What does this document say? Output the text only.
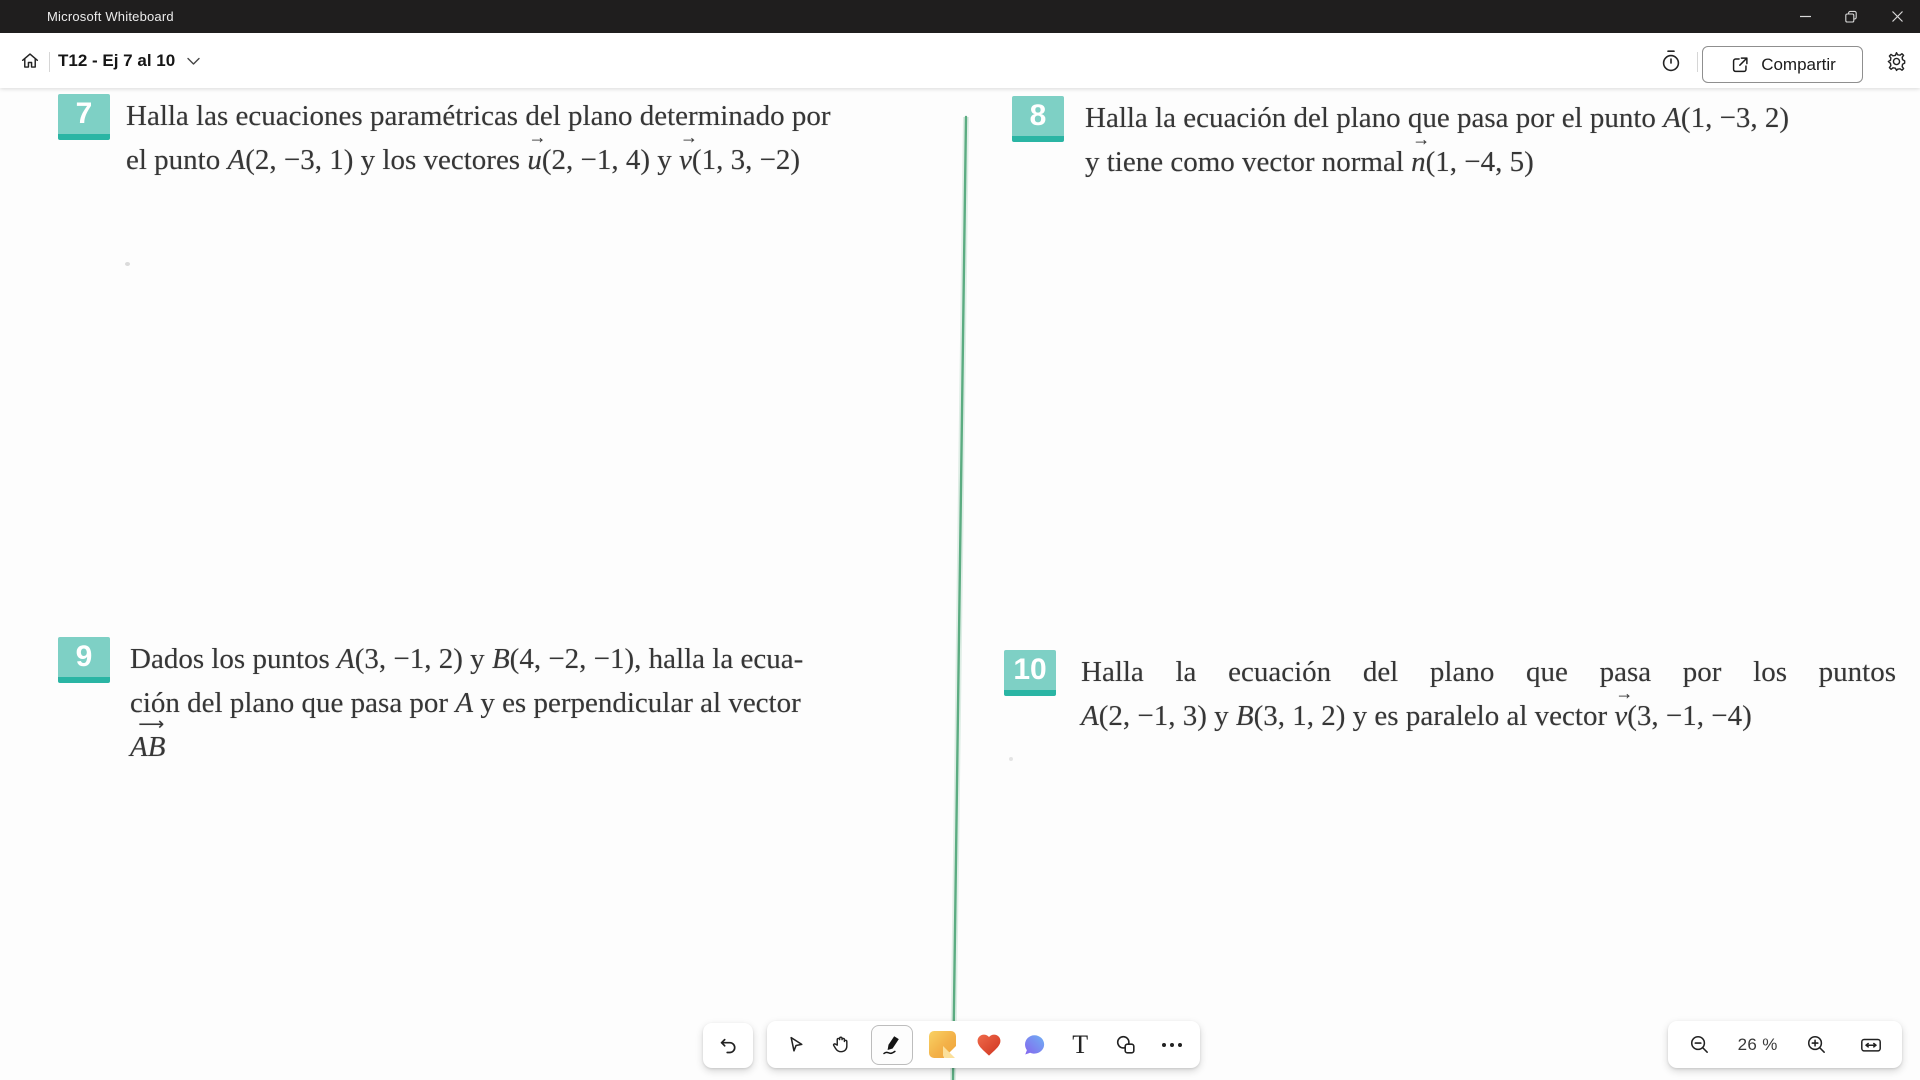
Microsoft Whiteboard
T12 - Ej 7 al 10	Compartir
7	Halla las ecuaciones paramétricas del plano determinado por
el punto A(2, −3, 1) y los vectores
→
u(2, −1, 4) y
→
v(1, 3, −2)
8	Halla la ecuación del plano que pasa por el punto A(1, −3, 2)
y tiene como vector normal
→
n(1, −4, 5)
9	Dados los puntos A(3, −1, 2) y B(4, −2, −1), halla la ecua-
ción del plano que pasa por A y es perpendicular al vector
⟶
AB
10	Halla la ecuación del plano que pasa por los puntos
A(2, −1, 3) y B(3, 1, 2) y es paralelo al vector
→
v(3, −1, −4)
T	26 %
